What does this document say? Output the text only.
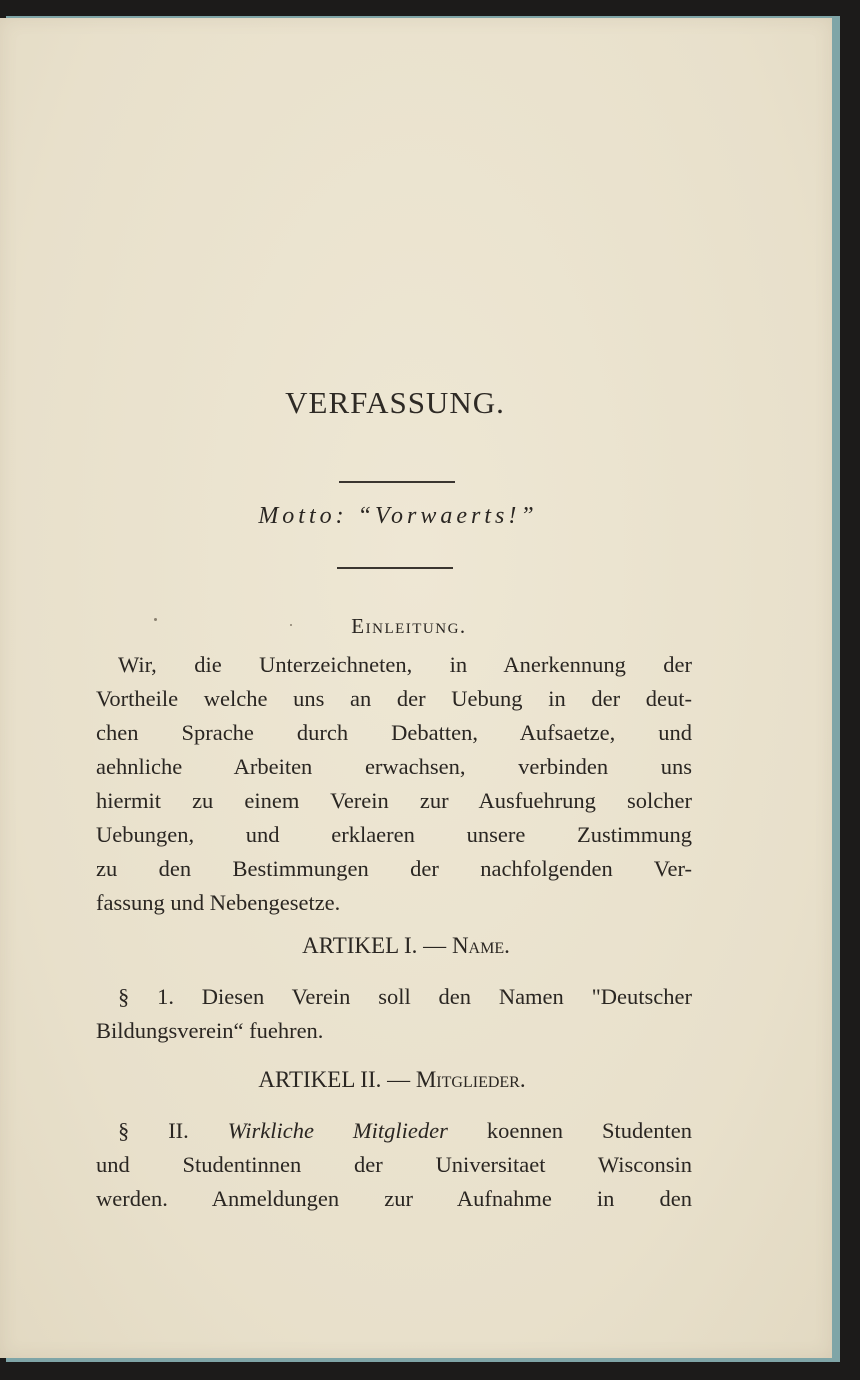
VERFASSUNG.
Motto: “Vorwaerts!”
Einleitung.
Wir, die Unterzeichneten, in Anerkennung der
Vortheile welche uns an der Uebung in der deut-
chen Sprache durch Debatten, Aufsaetze, und
aehnliche Arbeiten erwachsen, verbinden uns
hiermit zu einem Verein zur Ausfuehrung solcher
Uebungen, und erklaeren unsere Zustimmung
zu den Bestimmungen der nachfolgenden Ver-
fassung und Nebengesetze.
ARTIKEL I. — Name.
§ 1. Diesen Verein soll den Namen "Deutscher
Bildungsverein“ fuehren.
ARTIKEL II. — Mitglieder.
§ II. Wirkliche Mitglieder koennen Studenten
und Studentinnen der Universitaet Wisconsin
werden. Anmeldungen zur Aufnahme in den
